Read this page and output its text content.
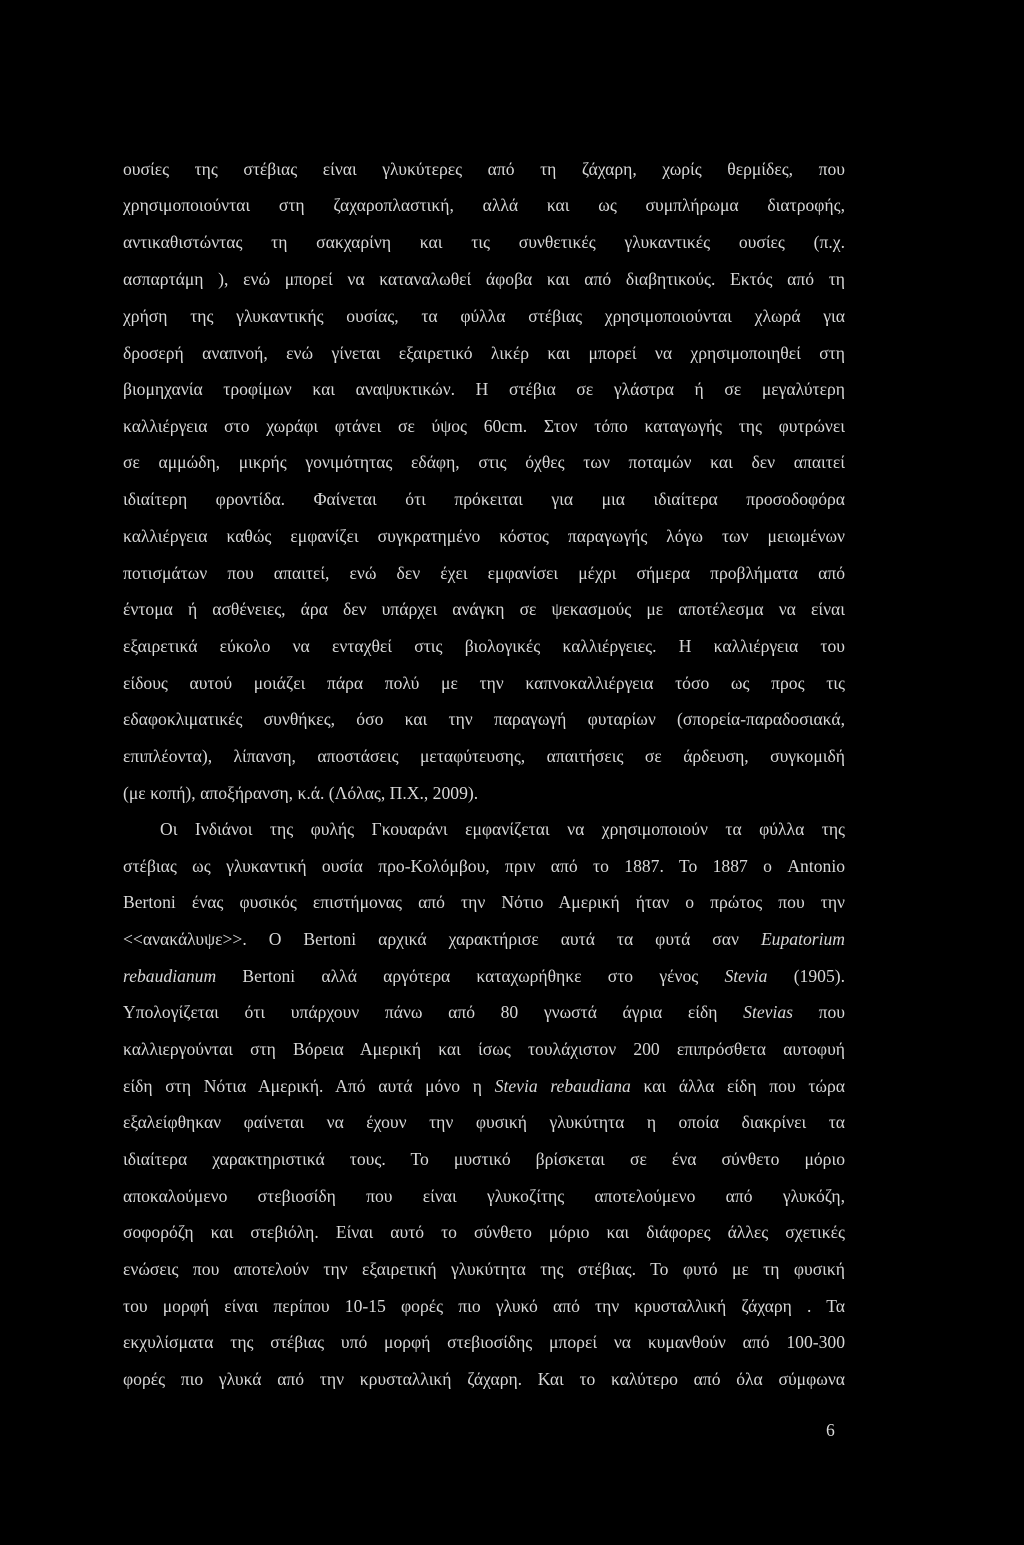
ουσίες της στέβιας είναι γλυκύτερες από τη ζάχαρη, χωρίς θερμίδες, που
χρησιμοποιούνται στη ζαχαροπλαστική, αλλά και ως συμπλήρωμα διατροφής,
αντικαθιστώντας τη σακχαρίνη και τις συνθετικές γλυκαντικές ουσίες (π.χ.
ασπαρτάμη ), ενώ μπορεί να καταναλωθεί άφοβα και από διαβητικούς. Εκτός από τη
χρήση της γλυκαντικής ουσίας, τα φύλλα στέβιας χρησιμοποιούνται χλωρά για
δροσερή αναπνοή, ενώ γίνεται εξαιρετικό λικέρ και μπορεί να χρησιμοποιηθεί στη
βιομηχανία τροφίμων και αναψυκτικών. Η στέβια σε γλάστρα ή σε μεγαλύτερη
καλλιέργεια στο χωράφι φτάνει σε ύψος 60cm. Στον τόπο καταγωγής της φυτρώνει
σε αμμώδη, μικρής γονιμότητας εδάφη, στις όχθες των ποταμών και δεν απαιτεί
ιδιαίτερη φροντίδα. Φαίνεται ότι πρόκειται για μια ιδιαίτερα προσοδοφόρα
καλλιέργεια καθώς εμφανίζει συγκρατημένο κόστος παραγωγής λόγω των μειωμένων
ποτισμάτων που απαιτεί, ενώ δεν έχει εμφανίσει μέχρι σήμερα προβλήματα από
έντομα ή ασθένειες, άρα δεν υπάρχει ανάγκη σε ψεκασμούς με αποτέλεσμα να είναι
εξαιρετικά εύκολο να ενταχθεί στις βιολογικές καλλιέργειες. Η καλλιέργεια του
είδους αυτού μοιάζει πάρα πολύ με την καπνοκαλλιέργεια τόσο ως προς τις
εδαφοκλιματικές συνθήκες, όσο και την παραγωγή φυταρίων (σπορεία-παραδοσιακά,
επιπλέοντα), λίπανση, αποστάσεις μεταφύτευσης, απαιτήσεις σε άρδευση, συγκομιδή
(με κοπή), αποξήρανση, κ.ά. (Λόλας, Π.Χ., 2009).
Οι Ινδιάνοι της φυλής Γκουαράνι εμφανίζεται να χρησιμοποιούν τα φύλλα της
στέβιας ως γλυκαντική ουσία προ-Κολόμβου, πριν από το 1887. Το 1887 ο Antonio
Bertoni ένας φυσικός επιστήμονας από την Νότιο Αμερική ήταν ο πρώτος που την
<<ανακάλυψε>>. Ο Bertoni αρχικά χαρακτήρισε αυτά τα φυτά σαν Eupatorium
rebaudianum Bertoni αλλά αργότερα καταχωρήθηκε στο γένος Stevia (1905).
Υπολογίζεται ότι υπάρχουν πάνω από 80 γνωστά άγρια είδη Stevias που
καλλιεργούνται στη Βόρεια Αμερική και ίσως τουλάχιστον 200 επιπρόσθετα αυτοφυή
είδη στη Νότια Αμερική. Από αυτά μόνο η Stevia rebaudiana και άλλα είδη που τώρα
εξαλείφθηκαν φαίνεται να έχουν την φυσική γλυκύτητα η οποία διακρίνει τα
ιδιαίτερα χαρακτηριστικά τους. Το μυστικό βρίσκεται σε ένα σύνθετο μόριο
αποκαλούμενο στεβιοσίδη που είναι γλυκοζίτης αποτελούμενο από γλυκόζη,
σοφορόζη και στεβιόλη. Είναι αυτό το σύνθετο μόριο και διάφορες άλλες σχετικές
ενώσεις που αποτελούν την εξαιρετική γλυκύτητα της στέβιας. Το φυτό με τη φυσική
του μορφή είναι περίπου 10-15 φορές πιο γλυκό από την κρυσταλλική ζάχαρη . Τα
εκχυλίσματα της στέβιας υπό μορφή στεβιοσίδης μπορεί να κυμανθούν από 100-300
φορές πιο γλυκά από την κρυσταλλική ζάχαρη. Και το καλύτερο από όλα σύμφωνα
6
